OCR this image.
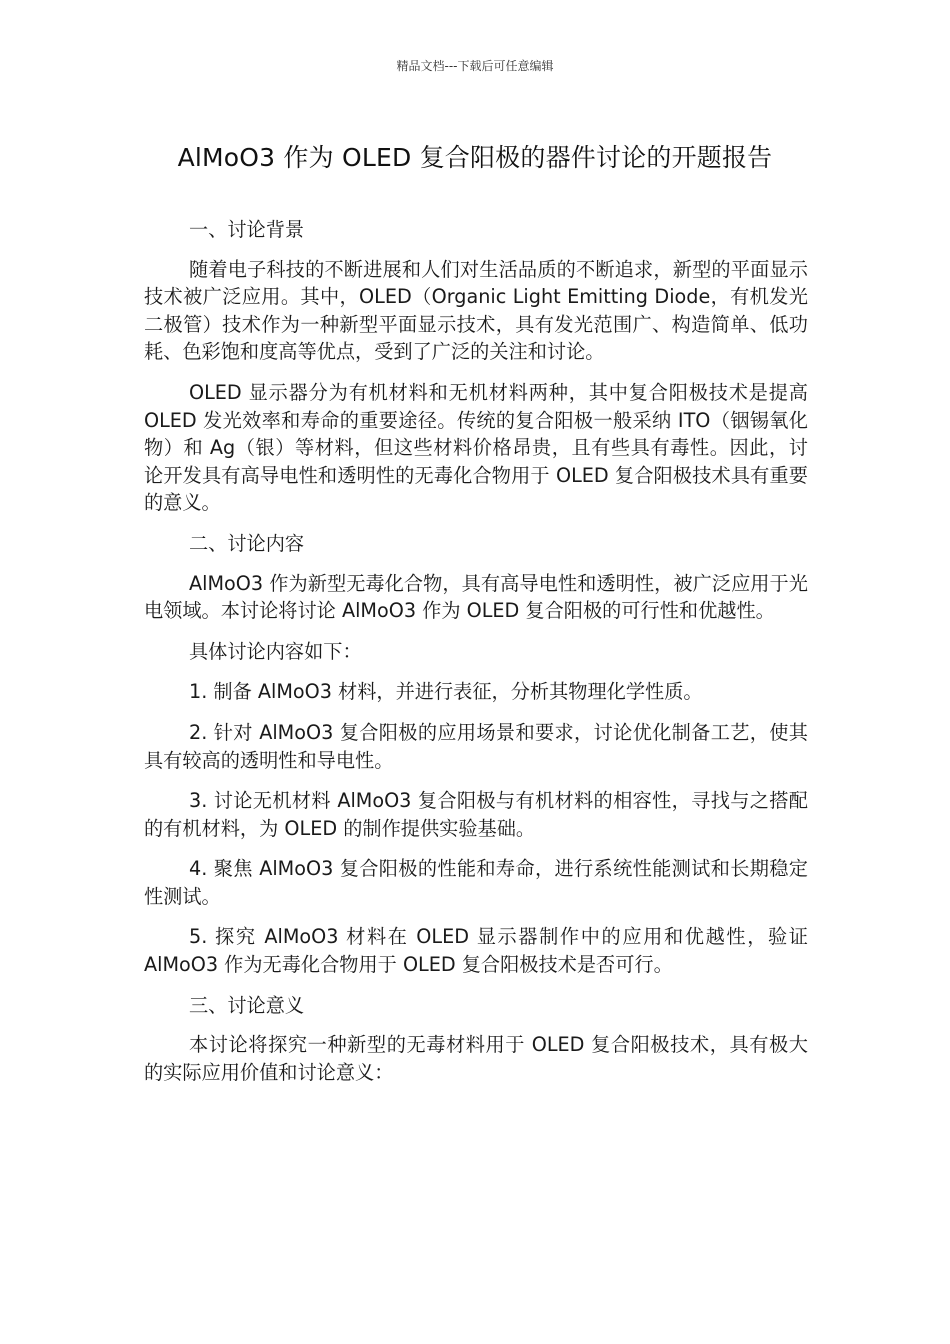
精品文档---下载后可任意编辑
AlMoO3 作为 OLED 复合阳极的器件讨论的开题报告

一、讨论背景

随着电子科技的不断进展和人们对生活品质的不断追求，新型的平面显示技术被广泛应用。其中，OLED（Organic Light Emitting Diode，有机发光二极管）技术作为一种新型平面显示技术，具有发光范围广、构造简单、低功耗、色彩饱和度高等优点，受到了广泛的关注和讨论。

OLED 显示器分为有机材料和无机材料两种，其中复合阳极技术是提高 OLED 发光效率和寿命的重要途径。传统的复合阳极一般采纳 ITO（铟锡氧化物）和 Ag（银）等材料，但这些材料价格昂贵，且有些具有毒性。因此，讨论开发具有高导电性和透明性的无毒化合物用于 OLED 复合阳极技术具有重要的意义。

二、讨论内容

AlMoO3 作为新型无毒化合物，具有高导电性和透明性，被广泛应用于光电领域。本讨论将讨论 AlMoO3 作为 OLED 复合阳极的可行性和优越性。

具体讨论内容如下：

1. 制备 AlMoO3 材料，并进行表征，分析其物理化学性质。

2. 针对 AlMoO3 复合阳极的应用场景和要求，讨论优化制备工艺，使其具有较高的透明性和导电性。

3. 讨论无机材料 AlMoO3 复合阳极与有机材料的相容性，寻找与之搭配的有机材料，为 OLED 的制作提供实验基础。

4. 聚焦 AlMoO3 复合阳极的性能和寿命，进行系统性能测试和长期稳定性测试。

5. 探究 AlMoO3 材料在 OLED 显示器制作中的应用和优越性，验证 AlMoO3 作为无毒化合物用于 OLED 复合阳极技术是否可行。

三、讨论意义

本讨论将探究一种新型的无毒材料用于 OLED 复合阳极技术，具有极大的实际应用价值和讨论意义：
